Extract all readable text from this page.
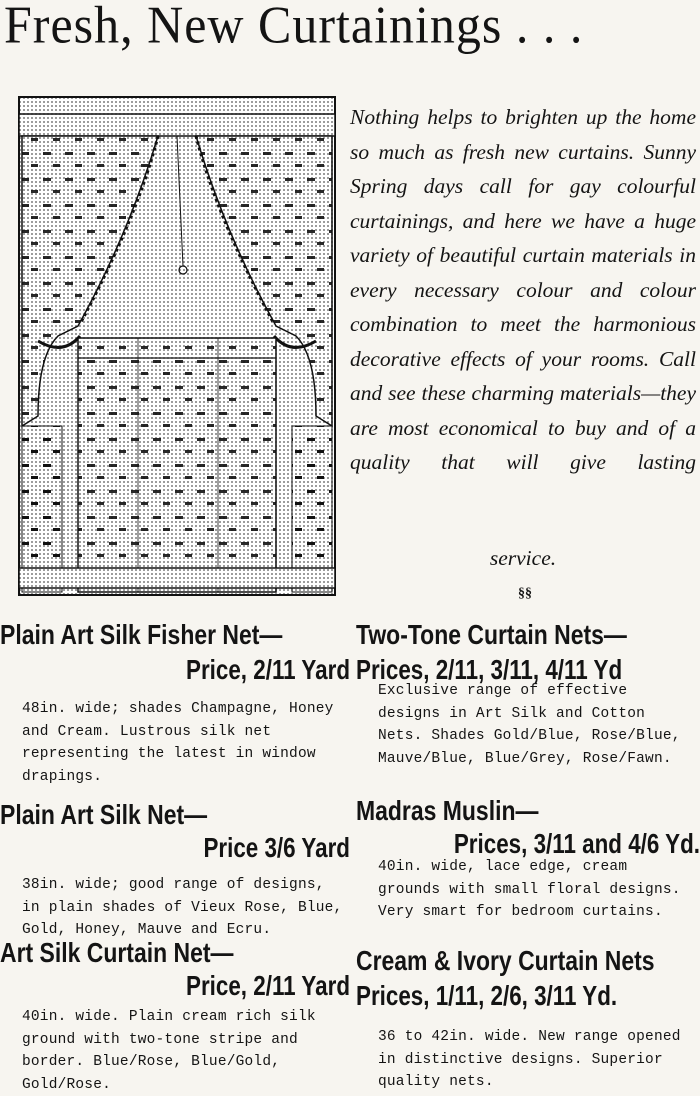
Fresh, New Curtainings . . .
Nothing helps to brighten up the home so much as fresh new curtains. Sunny Spring days call for gay colourful curtainings, and here we have a huge variety of beautiful curtain materials in every necessary colour and colour combination to meet the harmonious decorative effects of your rooms. Call and see these charming materials—they are most economical to buy and of a quality that will give lasting
service.
§§
Plain Art Silk Fisher Net—
Price, 2/11 Yard
48in. wide; shades Champagne, Honey and Cream. Lustrous silk net representing the latest in window drapings.
Plain Art Silk Net—
Price 3/6 Yard
38in. wide; good range of designs, in plain shades of Vieux Rose, Blue, Gold, Honey, Mauve and Ecru.
Art Silk Curtain Net—
Price, 2/11 Yard
40in. wide. Plain cream rich silk ground with two-tone stripe and border. Blue/Rose, Blue/Gold, Gold/Rose.
Two-Tone Curtain Nets—
Prices, 2/11, 3/11, 4/11 Yd
Exclusive range of effective designs in Art Silk and Cotton Nets. Shades Gold/Blue, Rose/Blue, Mauve/Blue, Blue/Grey, Rose/Fawn.
Madras Muslin—
Prices, 3/11 and 4/6 Yd.
40in. wide, lace edge, cream grounds with small floral designs. Very smart for bedroom curtains.
Cream & Ivory Curtain Nets
Prices, 1/11, 2/6, 3/11 Yd.
36 to 42in. wide. New range opened in distinctive designs. Superior quality nets.
